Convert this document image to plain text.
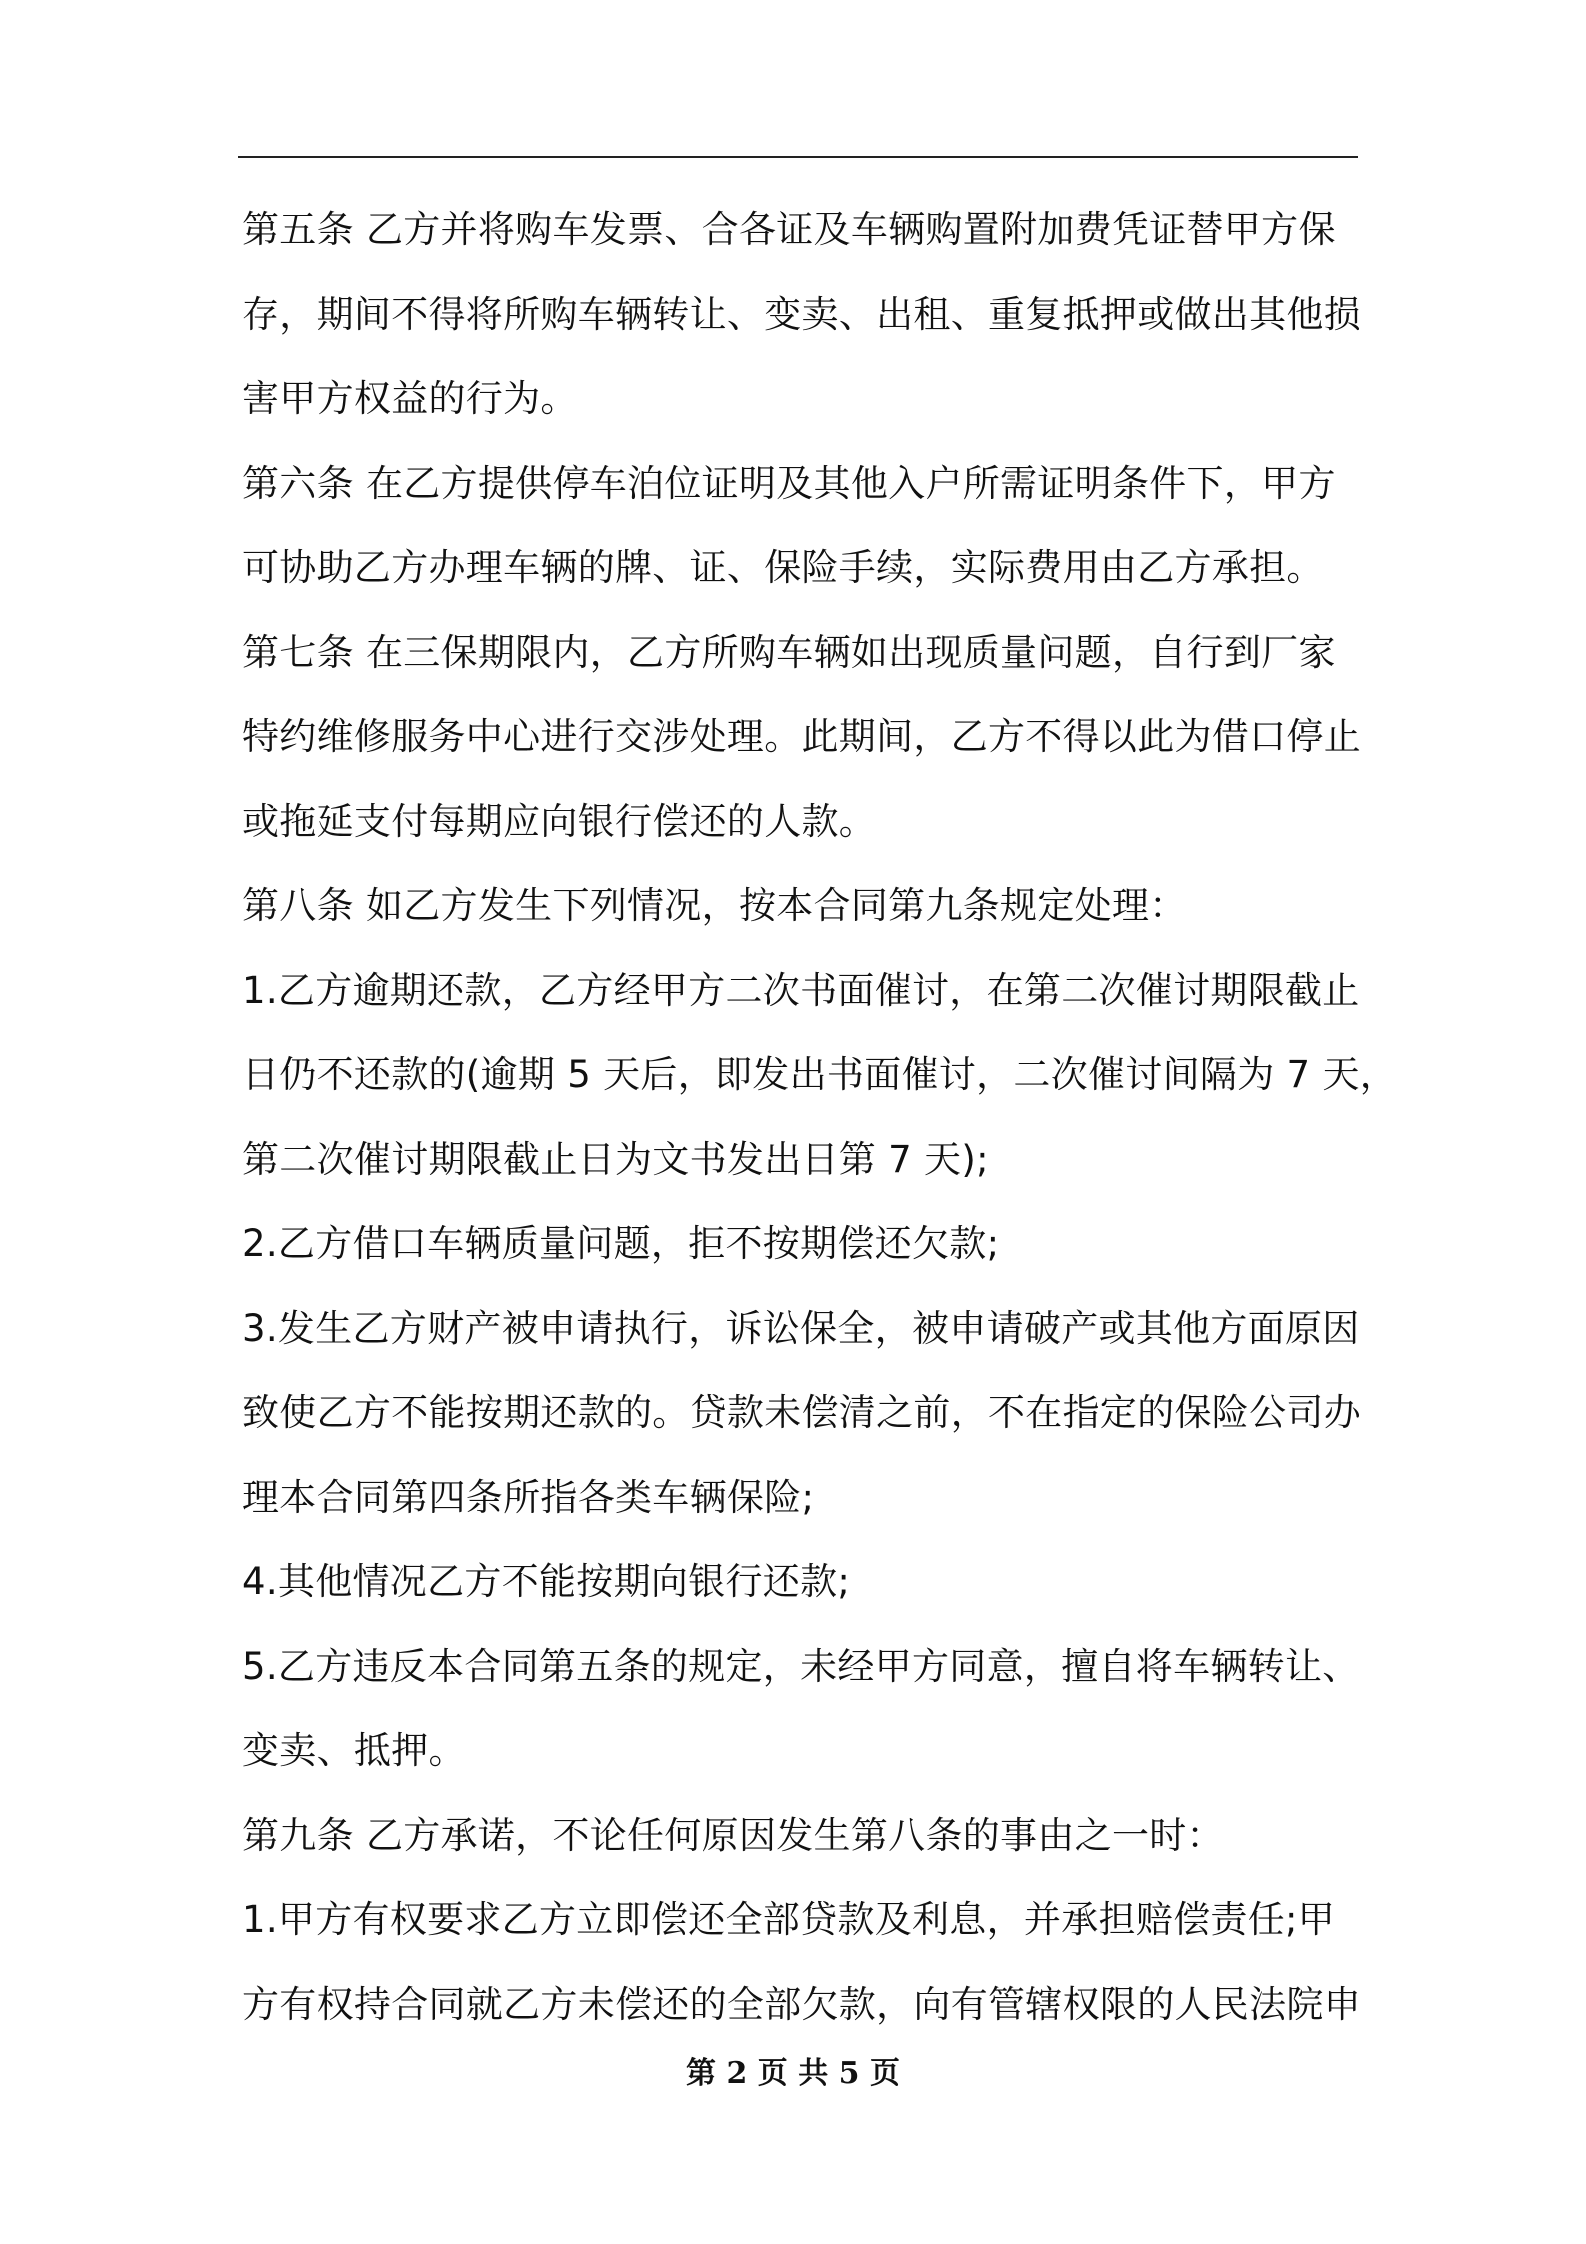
第五条 乙方并将购车发票、合各证及车辆购置附加费凭证替甲方保
存，期间不得将所购车辆转让、变卖、出租、重复抵押或做出其他损
害甲方权益的行为。
第六条 在乙方提供停车泊位证明及其他入户所需证明条件下，甲方
可协助乙方办理车辆的牌、证、保险手续，实际费用由乙方承担。
第七条 在三保期限内，乙方所购车辆如出现质量问题，自行到厂家
特约维修服务中心进行交涉处理。此期间，乙方不得以此为借口停止
或拖延支付每期应向银行偿还的人款。
第八条 如乙方发生下列情况，按本合同第九条规定处理：
1.乙方逾期还款，乙方经甲方二次书面催讨，在第二次催讨期限截止
日仍不还款的(逾期 5 天后，即发出书面催讨，二次催讨间隔为 7 天，
第二次催讨期限截止日为文书发出日第 7 天);
2.乙方借口车辆质量问题，拒不按期偿还欠款;
3.发生乙方财产被申请执行，诉讼保全，被申请破产或其他方面原因
致使乙方不能按期还款的。贷款未偿清之前，不在指定的保险公司办
理本合同第四条所指各类车辆保险;
4.其他情况乙方不能按期向银行还款;
5.乙方违反本合同第五条的规定，未经甲方同意，擅自将车辆转让、
变卖、抵押。
第九条 乙方承诺，不论任何原因发生第八条的事由之一时：
1.甲方有权要求乙方立即偿还全部贷款及利息，并承担赔偿责任;甲
方有权持合同就乙方未偿还的全部欠款，向有管辖权限的人民法院申
第 2 页 共 5 页
